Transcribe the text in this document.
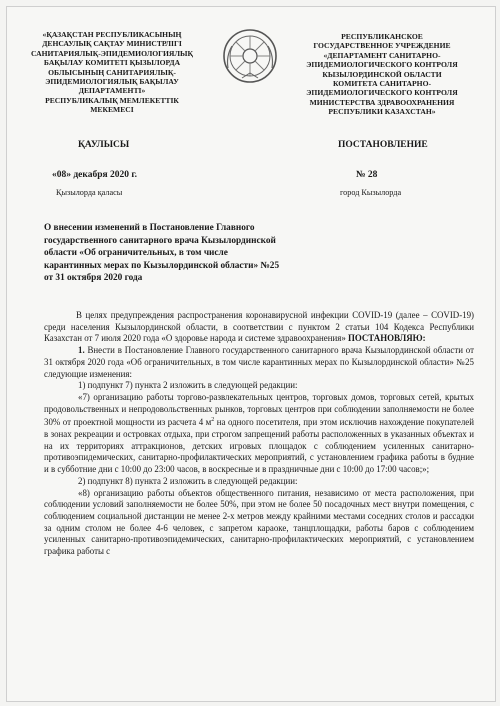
«ҚАЗАҚСТАН РЕСПУБЛИКАСЫНЫҢ
ДЕНСАУЛЫҚ САҚТАУ МИНИСТРЛІГІ
САНИТАРИЯЛЫҚ-ЭПИДЕМИОЛОГИЯЛЫҚ
БАҚЫЛАУ КОМИТЕТІ ҚЫЗЫЛОРДА
ОБЛЫСЫНЫҢ САНИТАРИЯЛЫҚ-
ЭПИДЕМИОЛОГИЯЛЫҚ БАҚЫЛАУ
ДЕПАРТАМЕНТІ»
РЕСПУБЛИКАЛЫҚ МЕМЛЕКЕТТІК
МЕКЕМЕСІ
РЕСПУБЛИКАНСКОЕ
ГОСУДАРСТВЕННОЕ УЧРЕЖДЕНИЕ
«ДЕПАРТАМЕНТ САНИТАРНО-
ЭПИДЕМИОЛОГИЧЕСКОГО КОНТРОЛЯ
КЫЗЫЛОРДИНСКОЙ ОБЛАСТИ
КОМИТЕТА САНИТАРНО-
ЭПИДЕМИОЛОГИЧЕСКОГО КОНТРОЛЯ
МИНИСТЕРСТВА ЗДРАВООХРАНЕНИЯ
РЕСПУБЛИКИ КАЗАХСТАН»
ҚАУЛЫСЫ	ПОСТАНОВЛЕНИЕ
«08» декабря 2020 г.	№ 28
Қызылорда қаласы	город Кызылорда
О внесении изменений в Постановление Главного государственного санитарного врача Кызылординской области «Об ограничительных, в том числе карантинных мерах по Кызылординской области» №25 от 31 октября 2020 года

В целях предупреждения распространения коронавирусной инфекции COVID-19 (далее – COVID-19) среди населения Кызылординской области, в соответствии с пунктом 2 статьи 104 Кодекса Республики Казахстан от 7 июля 2020 года «О здоровье народа и системе здравоохранения» ПОСТАНОВЛЯЮ:

1. Внести в Постановление Главного государственного санитарного врача Кызылординской области от 31 октября 2020 года «Об ограничительных, в том числе карантинных мерах по Кызылординской области» №25 следующие изменения:

1) подпункт 7) пункта 2 изложить в следующей редакции:

«7) организацию работы торгово-развлекательных центров, торговых домов, торговых сетей, крытых продовольственных и непродовольственных рынков, торговых центров при соблюдении заполняемости не более 30% от проектной мощности из расчета 4 $м^2$ на одного посетителя, при этом исключив нахождение покупателей в зонах рекреации и островках отдыха, при строгом запрещений работы расположенных в указанных объектах и на их территориях аттракционов, детских игровых площадок с соблюдением усиленных санитарно-противоэпидемических, санитарно-профилактических мероприятий, с установлением графика работы в будние и в субботние дни с 10:00 до 23:00 часов, в воскресные и в праздничные дни с 10:00 до 17:00 часов;»;

2) подпункт 8) пункта 2 изложить в следующей редакции:

«8) организацию работы объектов общественного питания, независимо от места расположения, при соблюдении условий заполняемости не более 50%, при этом не более 50 посадочных мест внутри помещения, с соблюдением социальной дистанции не менее 2-х метров между крайними местами соседних столов и рассадки за одним столом не более 4-6 человек, с запретом караоке, танцплощадки, работы баров с соблюдением усиленных санитарно-противоэпидемических, санитарно-профилактических мероприятий, с установлением графика работы с
